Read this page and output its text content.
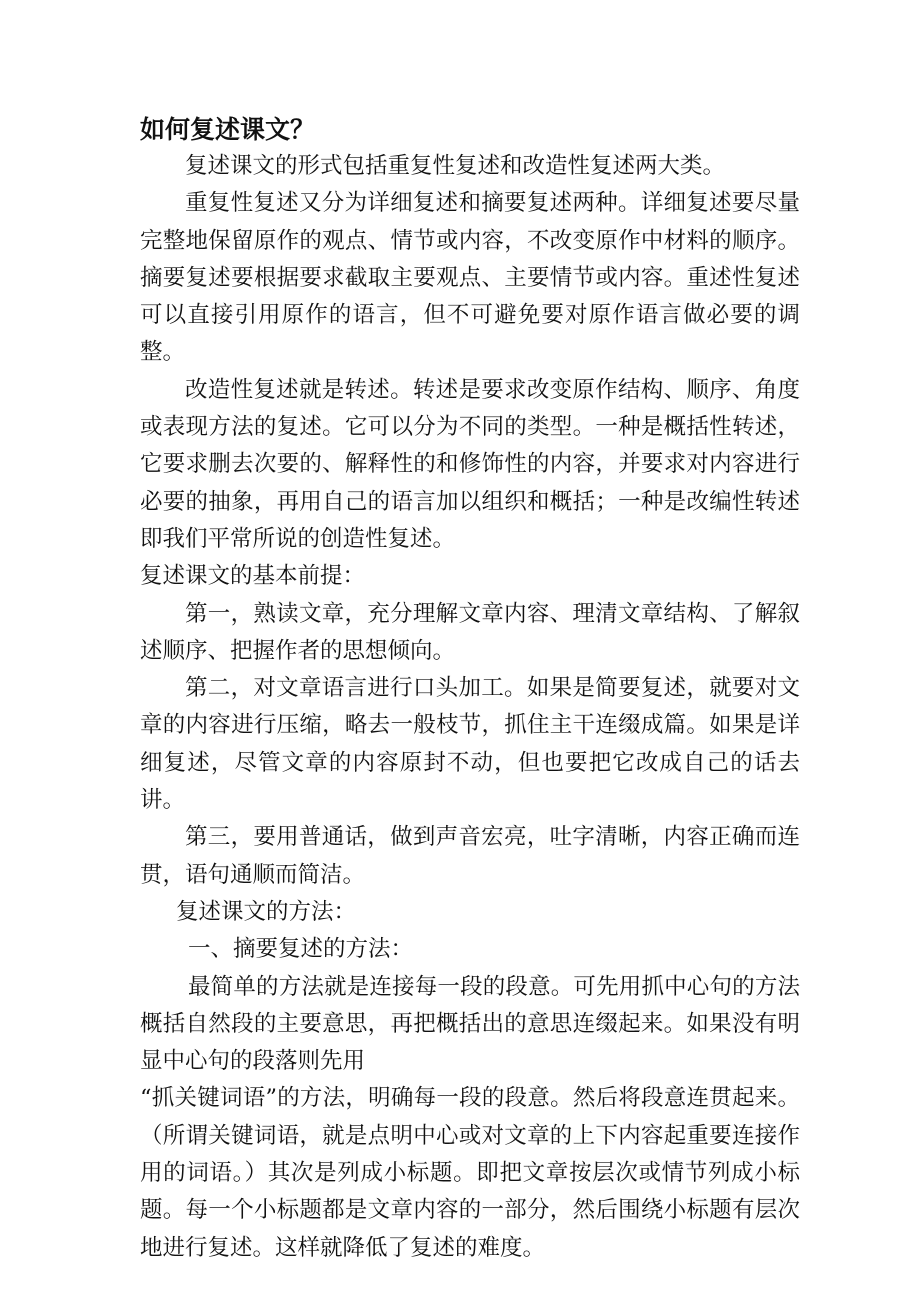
如何复述课文？

复述课文的形式包括重复性复述和改造性复述两大类。

重复性复述又分为详细复述和摘要复述两种。详细复述要尽量完整地保留原作的观点、情节或内容，不改变原作中材料的顺序。摘要复述要根据要求截取主要观点、主要情节或内容。重述性复述可以直接引用原作的语言，但不可避免要对原作语言做必要的调整。

改造性复述就是转述。转述是要求改变原作结构、顺序、角度或表现方法的复述。它可以分为不同的类型。一种是概括性转述，它要求删去次要的、解释性的和修饰性的内容，并要求对内容进行必要的抽象，再用自己的语言加以组织和概括；一种是改编性转述即我们平常所说的创造性复述。

复述课文的基本前提：

第一，熟读文章，充分理解文章内容、理清文章结构、了解叙述顺序、把握作者的思想倾向。

第二，对文章语言进行口头加工。如果是简要复述，就要对文章的内容进行压缩，略去一般枝节，抓住主干连缀成篇。如果是详细复述，尽管文章的内容原封不动，但也要把它改成自己的话去讲。

第三，要用普通话，做到声音宏亮，吐字清晰，内容正确而连贯，语句通顺而简洁。

复述课文的方法：

一、摘要复述的方法：

最简单的方法就是连接每一段的段意。可先用抓中心句的方法概括自然段的主要意思，再把概括出的意思连缀起来。如果没有明显中心句的段落则先用

“抓关键词语”的方法，明确每一段的段意。然后将段意连贯起来。（所谓关键词语，就是点明中心或对文章的上下内容起重要连接作用的词语。）其次是列成小标题。即把文章按层次或情节列成小标题。每一个小标题都是文章内容的一部分，然后围绕小标题有层次地进行复述。这样就降低了复述的难度。
